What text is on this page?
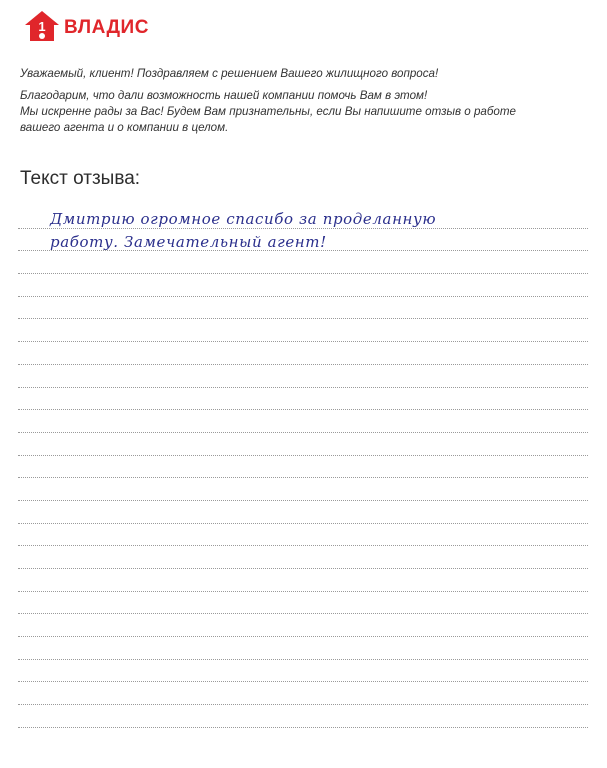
1 ВЛАДИС

Уважаемый, клиент! Поздравляем с решением Вашего жилищного вопроса!

Благодарим, что дали возможность нашей компании помочь Вам в этом!

Мы искренне рады за Вас! Будем Вам признательны, если Вы напишите отзыв о работе

вашего агента и о компании в целом.

Текст отзыва:
Дмитрию огромное спасибо за проделанную
работу. Замечательный агент!
